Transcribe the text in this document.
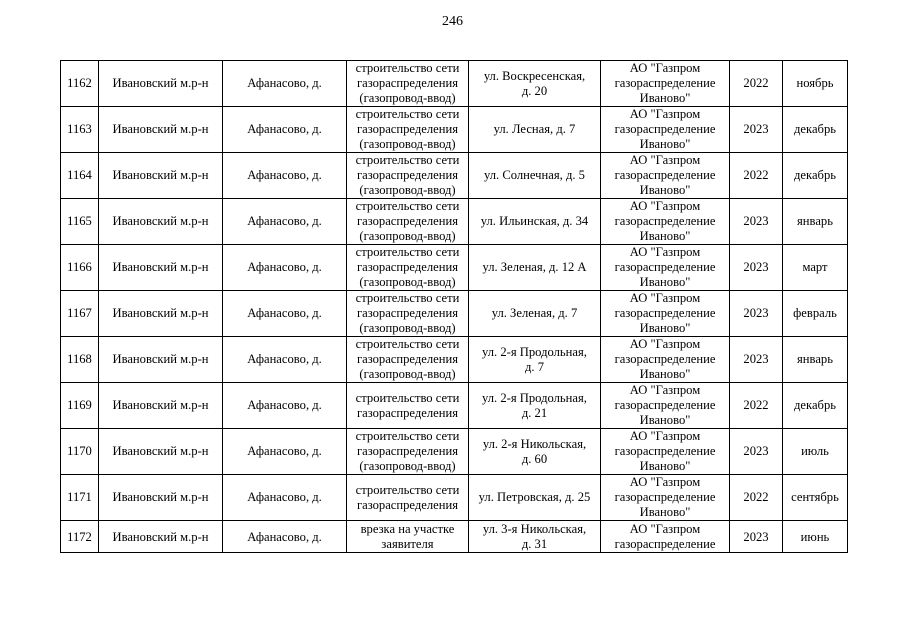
246
1162	Ивановский м.р-н	Афанасово, д.	строительство сети
газораспределения
(газопровод-ввод)	ул. Воскресенская,
д. 20	АО "Газпром
газораспределение
Иваново"	2022	ноябрь
1163	Ивановский м.р-н	Афанасово, д.	строительство сети
газораспределения
(газопровод-ввод)	ул. Лесная, д. 7	АО "Газпром
газораспределение
Иваново"	2023	декабрь
1164	Ивановский м.р-н	Афанасово, д.	строительство сети
газораспределения
(газопровод-ввод)	ул. Солнечная, д. 5	АО "Газпром
газораспределение
Иваново"	2022	декабрь
1165	Ивановский м.р-н	Афанасово, д.	строительство сети
газораспределения
(газопровод-ввод)	ул. Ильинская, д. 34	АО "Газпром
газораспределение
Иваново"	2023	январь
1166	Ивановский м.р-н	Афанасово, д.	строительство сети
газораспределения
(газопровод-ввод)	ул. Зеленая, д. 12 А	АО "Газпром
газораспределение
Иваново"	2023	март
1167	Ивановский м.р-н	Афанасово, д.	строительство сети
газораспределения
(газопровод-ввод)	ул. Зеленая, д. 7	АО "Газпром
газораспределение
Иваново"	2023	февраль
1168	Ивановский м.р-н	Афанасово, д.	строительство сети
газораспределения
(газопровод-ввод)	ул. 2-я Продольная,
д. 7	АО "Газпром
газораспределение
Иваново"	2023	январь
1169	Ивановский м.р-н	Афанасово, д.	строительство сети
газораспределения	ул. 2-я Продольная,
д. 21	АО "Газпром
газораспределение
Иваново"	2022	декабрь
1170	Ивановский м.р-н	Афанасово, д.	строительство сети
газораспределения
(газопровод-ввод)	ул. 2-я Никольская,
д. 60	АО "Газпром
газораспределение
Иваново"	2023	июль
1171	Ивановский м.р-н	Афанасово, д.	строительство сети
газораспределения	ул. Петровская, д. 25	АО "Газпром
газораспределение
Иваново"	2022	сентябрь
1172	Ивановский м.р-н	Афанасово, д.	врезка на участке
заявителя	ул. 3-я Никольская,
д. 31	АО "Газпром
газораспределение	2023	июнь
